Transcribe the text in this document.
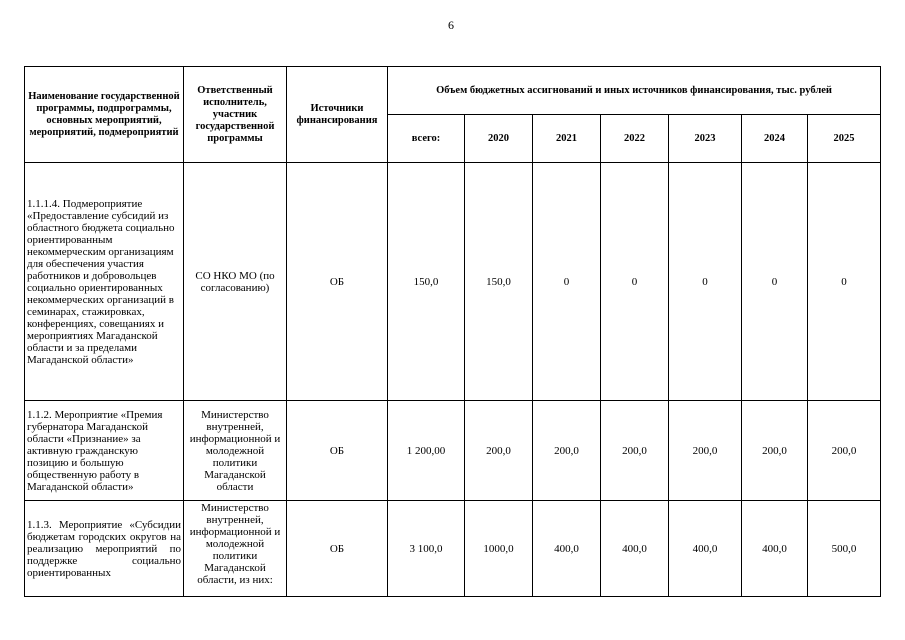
6
Наименование государственной программы, подпрограммы, основных мероприятий, мероприятий, подмероприятий	Ответственный исполнитель, участник государственной программы	Источники финансирования	Объем бюджетных ассигнований и иных источников финансирования, тыс. рублей						
			всего:	2020	2021	2022	2023	2024	2025
1.1.1.4. Подмероприятие «Предоставление субсидий из областного бюджета социально ориентированным некоммерческим организациям для обеспечения участия работников и добровольцев социально ориентированных некоммерческих организаций в семинарах, стажировках, конференциях, совещаниях и мероприятиях Магаданской области и за пределами Магаданской области»	СО НКО МО (по согласованию)	ОБ	150,0	150,0	0	0	0	0	0
1.1.2. Мероприятие «Премия губернатора Магаданской области «Признание» за активную гражданскую позицию и большую общественную работу в Магаданской области»	Министерство внутренней, информационной и молодежной политики Магаданской области	ОБ	1 200,00	200,0	200,0	200,0	200,0	200,0	200,0
1.1.3. Мероприятие «Субсидии бюджетам городских округов на реализацию мероприятий по поддержке социально ориентированных	Министерство внутренней, информационной и молодежной политики Магаданской области, из них:	ОБ	3 100,0	1000,0	400,0	400,0	400,0	400,0	500,0
